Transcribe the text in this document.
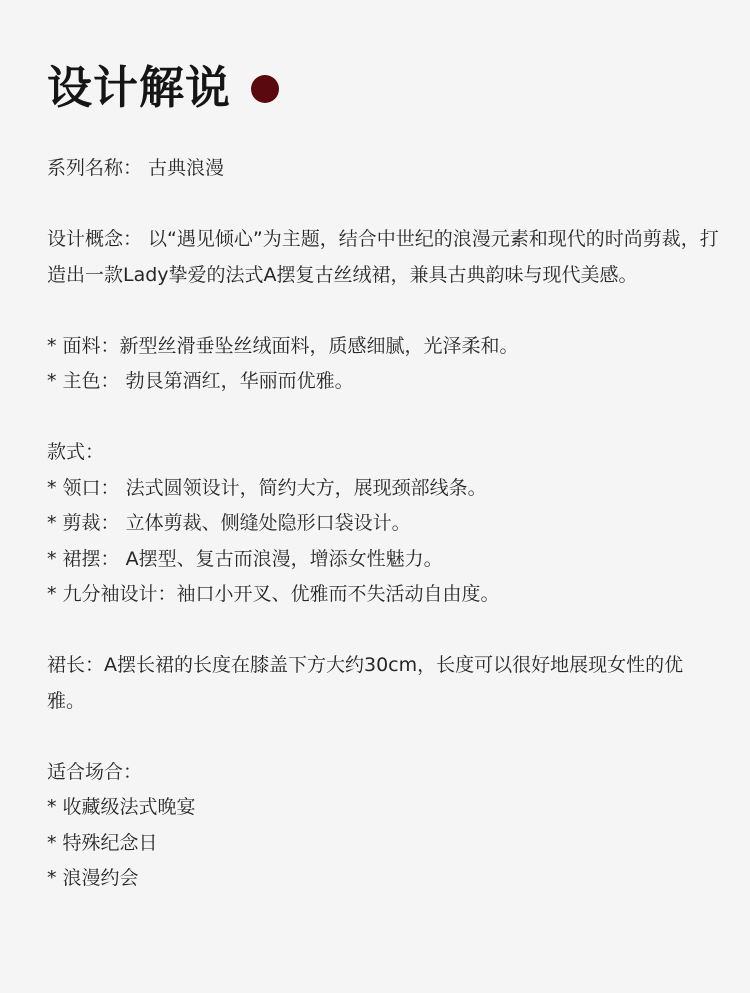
设计解说
系列名称： 古典浪漫
设计概念： 以“遇见倾心”为主题，结合中世纪的浪漫元素和现代的时尚剪裁，打造出一款Lady挚爱的法式A摆复古丝绒裙，兼具古典韵味与现代美感。
* 面料：新型丝滑垂坠丝绒面料，质感细腻，光泽柔和。
* 主色： 勃艮第酒红，华丽而优雅。
款式：
* 领口： 法式圆领设计，简约大方，展现颈部线条。
* 剪裁： 立体剪裁、侧缝处隐形口袋设计。
* 裙摆： A摆型、复古而浪漫，增添女性魅力。
* 九分袖设计：袖口小开叉、优雅而不失活动自由度。
裙长：A摆长裙的长度在膝盖下方大约30cm，长度可以很好地展现女性的优雅。
适合场合：
* 收藏级法式晚宴
* 特殊纪念日
* 浪漫约会
